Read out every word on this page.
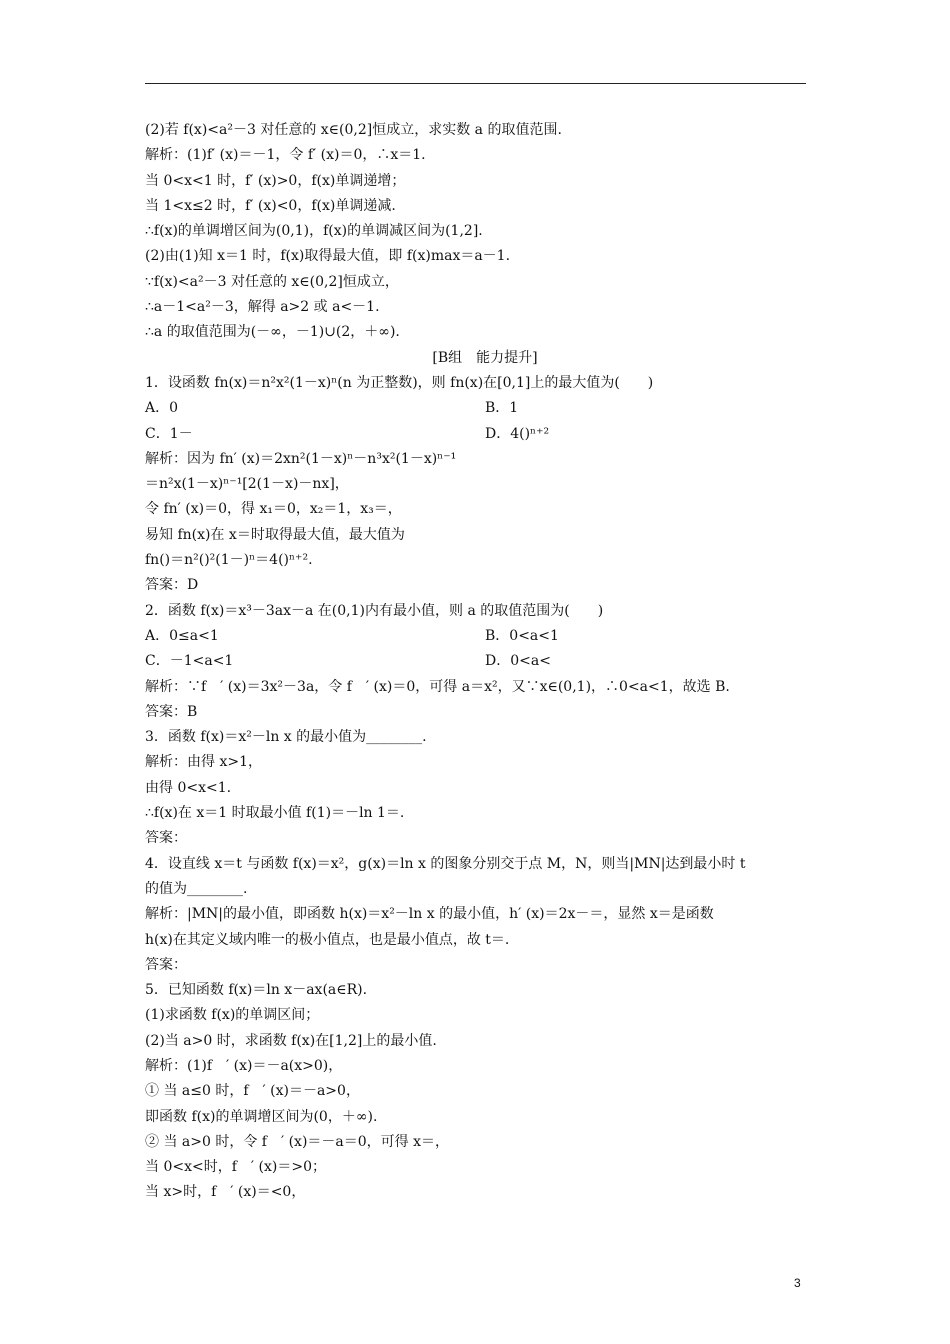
(2)若 f(x)<a²－3 对任意的 x∈(0,2]恒成立，求实数 a 的取值范围.
解析：(1)f′ (x)＝－1，令 f′ (x)＝0，∴x＝1.
当 0<x<1 时，f′ (x)>0，f(x)单调递增；
当 1<x≤2 时，f′ (x)<0，f(x)单调递减.
∴f(x)的单调增区间为(0,1)，f(x)的单调减区间为(1,2].
(2)由(1)知 x＝1 时，f(x)取得最大值，即 f(x)max＝a－1.
∵f(x)<a²－3 对任意的 x∈(0,2]恒成立，
∴a－1<a²－3，解得 a>2 或 a<－1.
∴a 的取值范围为(－∞，－1)∪(2，＋∞).
[B组　能力提升]
1．设函数 fn(x)＝n²x²(1－x)ⁿ(n 为正整数)，则 fn(x)在[0,1]上的最大值为(　　)
A．0	B．1
C．1－	D．4()ⁿ⁺²
解析：因为 fn′ (x)＝2xn²(1－x)ⁿ－n³x²(1－x)ⁿ⁻¹
＝n²x(1－x)ⁿ⁻¹[2(1－x)－nx]，
令 fn′ (x)＝0，得 x₁＝0，x₂＝1，x₃＝，
易知 fn(x)在 x＝时取得最大值，最大值为
fn()＝n²()²(1－)ⁿ＝4()ⁿ⁺².
答案：D
2．函数 f(x)＝x³－3ax－a 在(0,1)内有最小值，则 a 的取值范围为(　　)
A．0≤a<1	B．0<a<1
C．－1<a<1	D．0<a<
解析：∵f　′ (x)＝3x²－3a，令 f　′ (x)＝0，可得 a＝x²，又∵x∈(0,1)，∴0<a<1，故选 B.
答案：B
3．函数 f(x)＝x²－ln x 的最小值为________.
解析：由得 x>1，
由得 0<x<1.
∴f(x)在 x＝1 时取最小值 f(1)＝－ln 1＝.
答案：
4．设直线 x＝t 与函数 f(x)＝x²，g(x)＝ln x 的图象分别交于点 M，N，则当|MN|达到最小时 t
的值为________.
解析：|MN|的最小值，即函数 h(x)＝x²－ln x 的最小值，h′ (x)＝2x－＝，显然 x＝是函数
h(x)在其定义域内唯一的极小值点，也是最小值点，故 t＝.
答案：
5．已知函数 f(x)＝ln x－ax(a∈R).
(1)求函数 f(x)的单调区间；
(2)当 a>0 时，求函数 f(x)在[1,2]上的最小值.
解析：(1)f　′ (x)＝－a(x>0)，
① 当 a≤0 时，f　′ (x)＝－a>0，
即函数 f(x)的单调增区间为(0，＋∞).
② 当 a>0 时，令 f　′ (x)＝－a＝0，可得 x＝，
当 0<x<时，f　′ (x)＝>0；
当 x>时，f　′ (x)＝<0，
3
